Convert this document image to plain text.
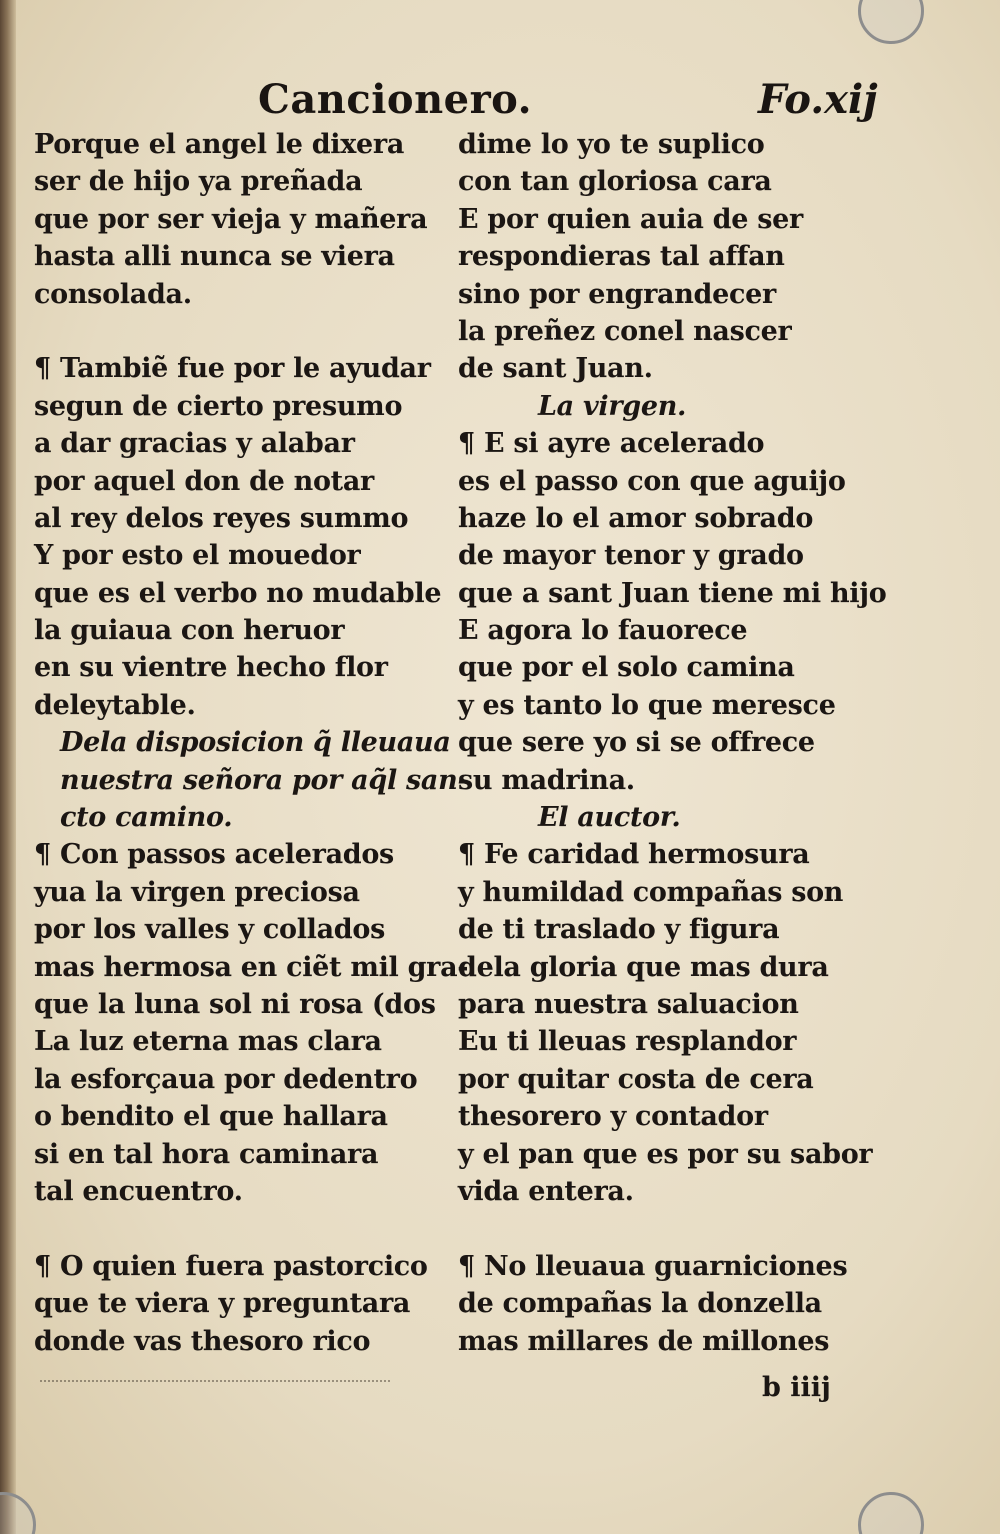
Cancionero.	Fo.xij
Porque el angel le dixera
ser de hijo ya preñada
que por ser vieja y mañera
hasta alli nunca se viera
consolada.
¶ Tambiẽ fue por le ayudar
segun de cierto presumo
a dar gracias y alabar
por aquel don de notar
al rey delos reyes summo
Y por esto el mouedor
que es el verbo no mudable
la guiaua con heruor
en su vientre hecho flor
deleytable.
Dela disposicion q̃ lleuaua
nuestra señora por aq̃l san-
cto camino.
¶ Con passos acelerados
yua la virgen preciosa
por los valles y collados
mas hermosa en ciẽt mil gra-
que la luna sol ni rosa (dos
La luz eterna mas clara
la esforçaua por dedentro
o bendito el que hallara
si en tal hora caminara
tal encuentro.
¶ O quien fuera pastorcico
que te viera y preguntara
donde vas thesoro rico
dime lo yo te suplico
con tan gloriosa cara
E por quien auia de ser
respondieras tal affan
sino por engrandecer
la preñez conel nascer
de sant Juan.
La virgen.
¶ E si ayre acelerado
es el passo con que aguijo
haze lo el amor sobrado
de mayor tenor y grado
que a sant Juan tiene mi hijo
E agora lo fauorece
que por el solo camina
y es tanto lo que meresce
que sere yo si se offrece
su madrina.
El auctor.
¶ Fe caridad hermosura
y humildad compañas son
de ti traslado y figura
dela gloria que mas dura
para nuestra saluacion
Eu ti lleuas resplandor
por quitar costa de cera
thesorero y contador
y el pan que es por su sabor
vida entera.
¶ No lleuaua guarniciones
de compañas la donzella
mas millares de millones
b iiij
